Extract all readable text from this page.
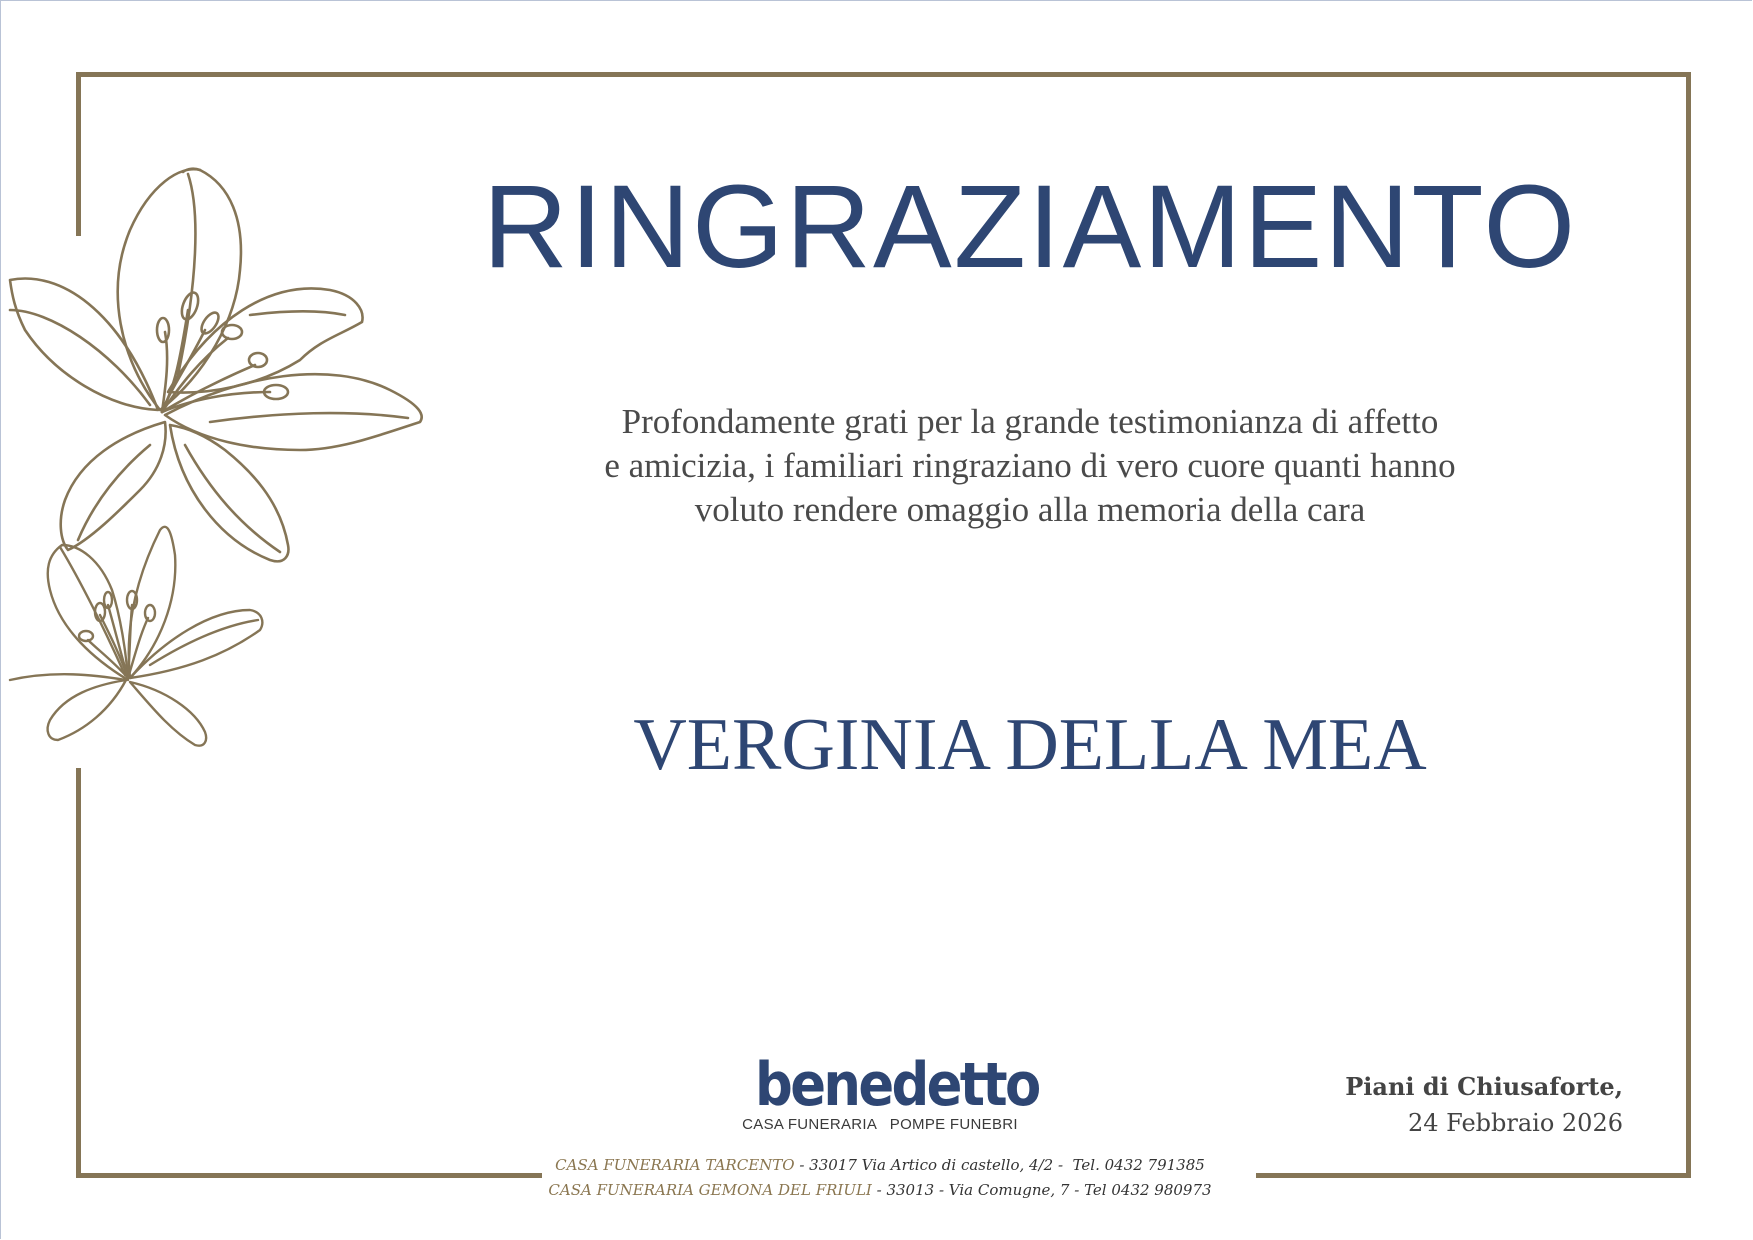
RINGRAZIAMENTO
Profondamente grati per la grande testimonianza di affetto
e amicizia, i familiari ringraziano di vero cuore quanti hanno
voluto rendere omaggio alla memoria della cara
VERGINIA DELLA MEA
benedetto
CASA FUNERARIA   POMPE FUNEBRI
CASA FUNERARIA TARCENTO - 33017 Via Artico di castello, 4/2 -  Tel. 0432 791385
CASA FUNERARIA GEMONA DEL FRIULI - 33013 - Via Comugne, 7 - Tel 0432 980973
Piani di Chiusaforte,
24 Febbraio 2026
